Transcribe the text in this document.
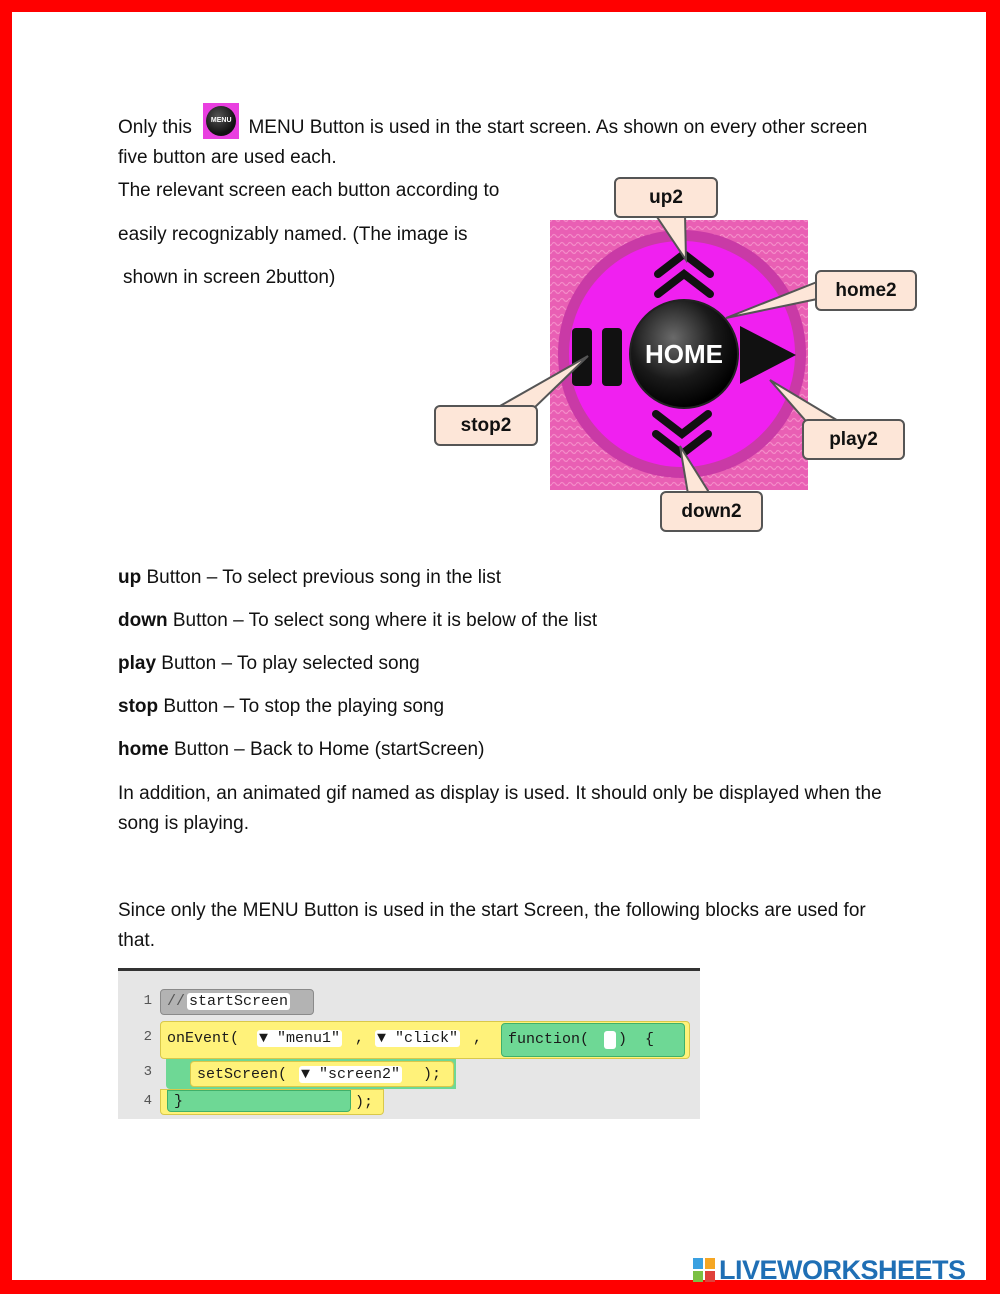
Only this	MENU MENU Button is used in the start screen. As shown on every other screen five button are used each.

The relevant screen each button according to

easily recognizably named. (The image is

shown in screen 2button)

HOME
up2
home2
stop2
play2
down2

up Button – To select previous song in the list

down Button – To select song where it is below of the list

play Button – To play selected song

stop Button – To stop the playing song

home Button – Back to Home (startScreen)

In addition, an animated gif named as display is used. It should only be displayed when the song is playing.

Since only the MENU Button is used in the start Screen, the following blocks are used for that.

1
2
3
4
// startScreen
onEvent( ▼ "menu1" , ▼ "click" , function( )  {
setScreen( ▼ "screen2" );
}	);
LIVEWORKSHEETS
